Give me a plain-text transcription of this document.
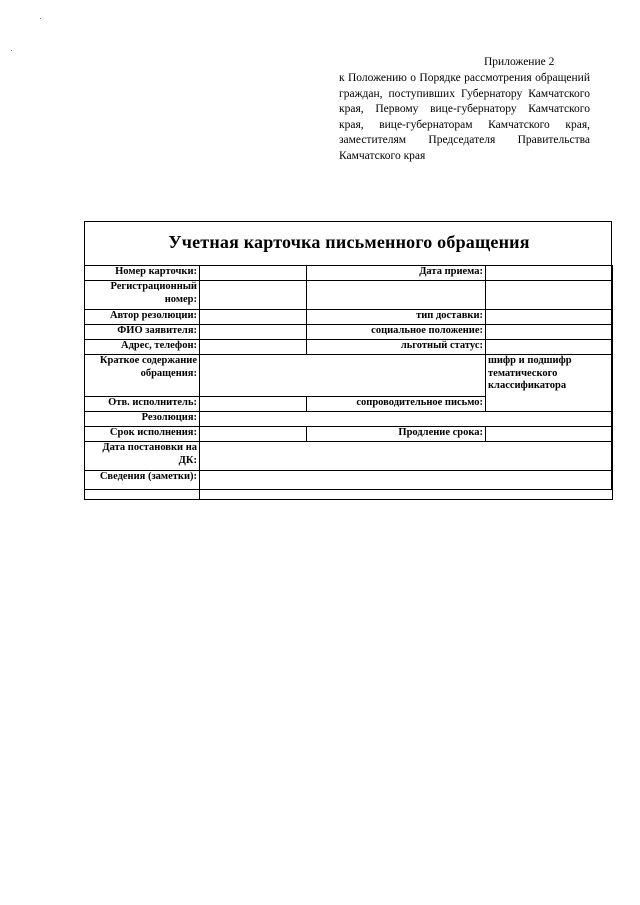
Приложение 2
к Положению о Порядке рассмотрения обращений граждан, поступивших Губернатору Камчатского края, Первому вице-губернатору Камчатского края, вице-губернаторам Камчатского края, заместителям Председателя Правительства Камчатского края
Учетная карточка письменного обращения
Номер карточки:		Дата приема:	
Регистрационный номер:			
Автор резолюции:		тип доставки:	
ФИО заявителя:		социальное положение:	
Адрес, телефон:		льготный статус:	
Краткое содержание обращения:			шифр и подшифр тематического классификатора
Отв. исполнитель:		сопроводительное письмо:	
Резолюция:			
Срок исполнения:		Продление срока:	
Дата постановки на ДК:			
Сведения (заметки):			
